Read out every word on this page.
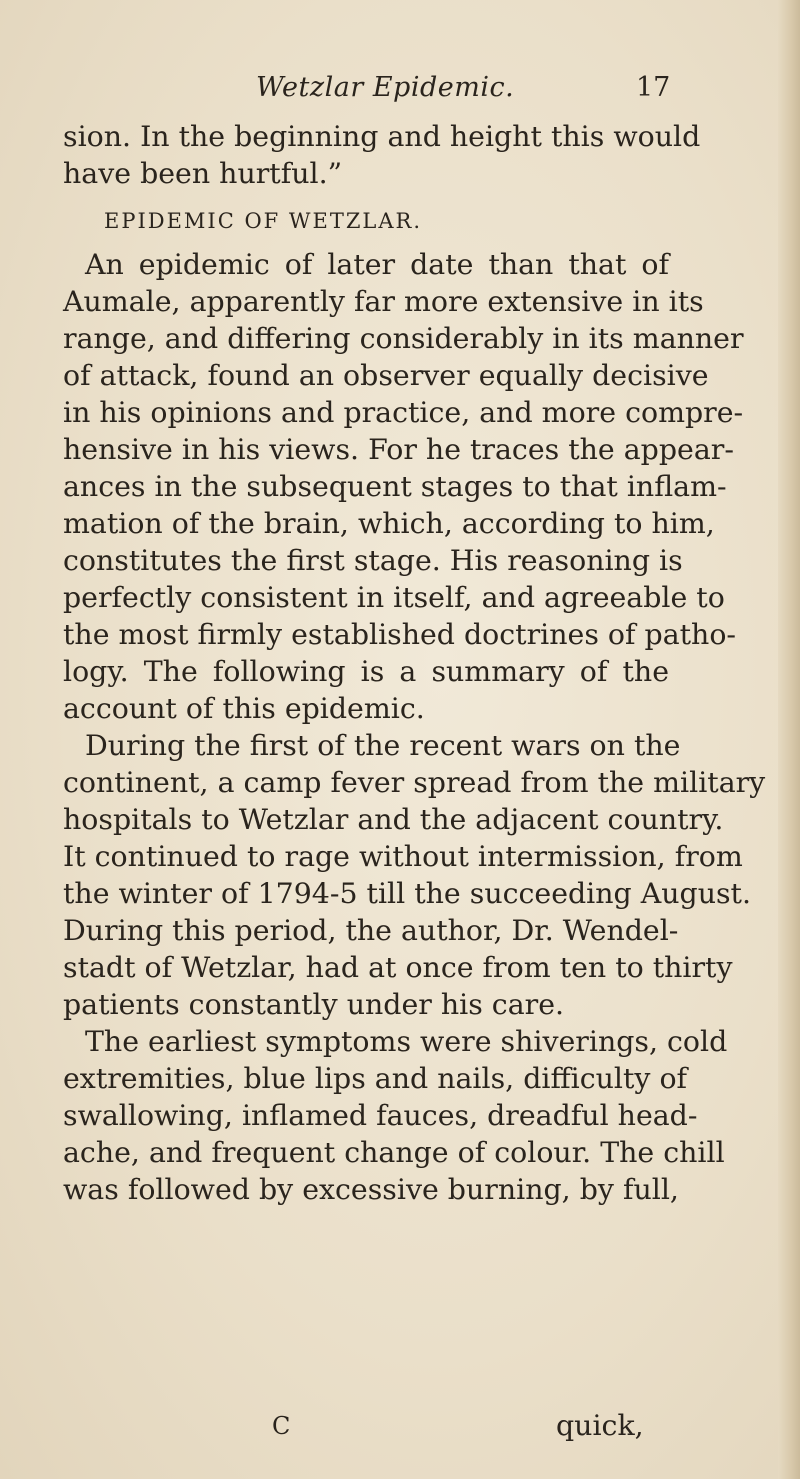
Wetzlar Epidemic.	17
sion. In the beginning and height this would
have been hurtful.”
EPIDEMIC OF WETZLAR.
An epidemic of later date than that of
Aumale, apparently far more extensive in its
range, and differing considerably in its manner
of attack, found an observer equally decisive
in his opinions and practice, and more compre-
hensive in his views. For he traces the appear-
ances in the subsequent stages to that inflam-
mation of the brain, which, according to him,
constitutes the first stage. His reasoning is
perfectly consistent in itself, and agreeable to
the most firmly established doctrines of patho-
logy. The following is a summary of the
account of this epidemic.
During the first of the recent wars on the
continent, a camp fever spread from the military
hospitals to Wetzlar and the adjacent country.
It continued to rage without intermission, from
the winter of 1794-5 till the succeeding August.
During this period, the author, Dr. Wendel-
stadt of Wetzlar, had at once from ten to thirty
patients constantly under his care.
The earliest symptoms were shiverings, cold
extremities, blue lips and nails, difficulty of
swallowing, inflamed fauces, dreadful head-
ache, and frequent change of colour. The chill
was followed by excessive burning, by full,
C	quick,
